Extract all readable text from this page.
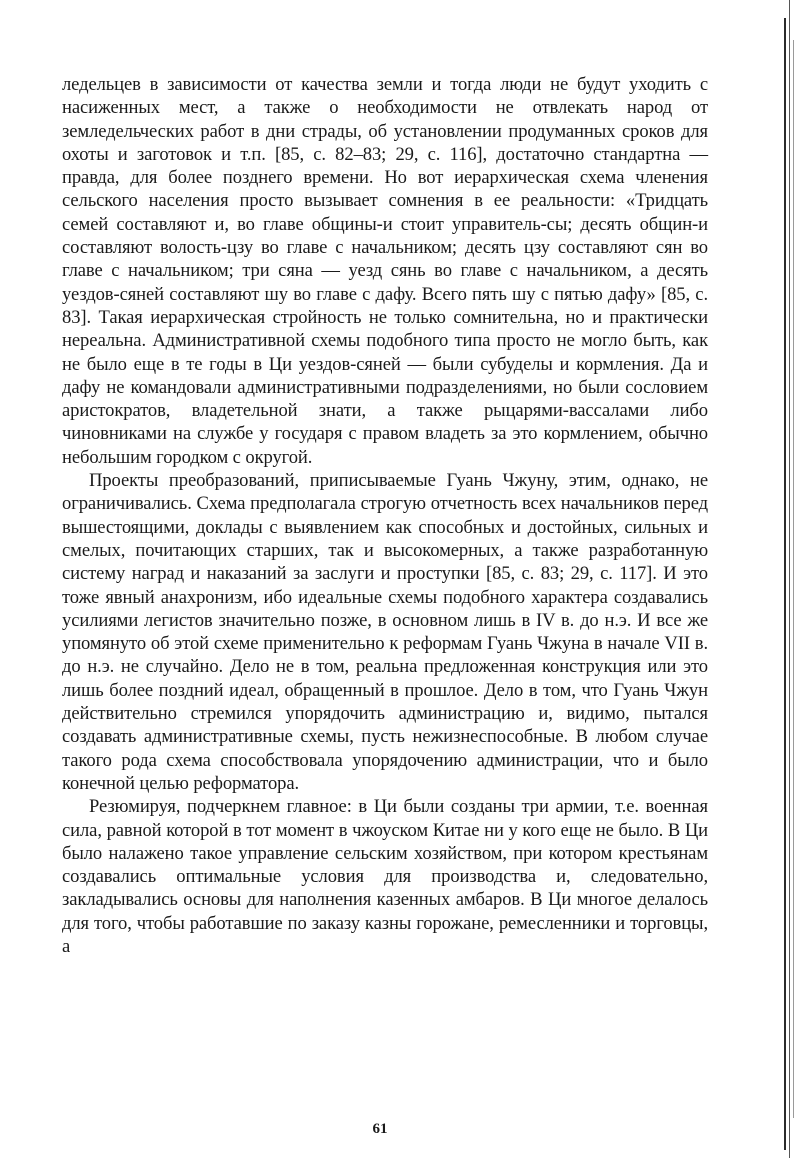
ледельцев в зависимости от качества земли и тогда люди не будут уходить с насиженных мест, а также о необходимости не отвлекать народ от земледельческих работ в дни страды, об установлении продуманных сроков для охоты и заготовок и т.п. [85, с. 82–83; 29, с. 116], достаточно стандартна — правда, для более позднего времени. Но вот иерархическая схема членения сельского населения просто вызывает сомнения в ее реальности: «Тридцать семей составляют и, во главе общины-и стоит управитель-сы; десять общин-и составляют волость-цзу во главе с начальником; десять цзу составляют сян во главе с начальником; три сяна — уезд сянь во главе с начальником, а десять уездов-сяней составляют шу во главе с дафу. Всего пять шу с пятью дафу» [85, с. 83]. Такая иерархическая стройность не только сомнительна, но и практически нереальна. Административной схемы подобного типа просто не могло быть, как не было еще в те годы в Ци уездов-сяней — были субуделы и кормления. Да и дафу не командовали административными подразделениями, но были сословием аристократов, владетельной знати, а также рыцарями-вассалами либо чиновниками на службе у государя с правом владеть за это кормлением, обычно небольшим городком с округой.

Проекты преобразований, приписываемые Гуань Чжуну, этим, однако, не ограничивались. Схема предполагала строгую отчетность всех начальников перед вышестоящими, доклады с выявлением как способных и достойных, сильных и смелых, почитающих старших, так и высокомерных, а также разработанную систему наград и наказаний за заслуги и проступки [85, с. 83; 29, с. 117]. И это тоже явный анахронизм, ибо идеальные схемы подобного характера создавались усилиями легистов значительно позже, в основном лишь в IV в. до н.э. И все же упомянуто об этой схеме применительно к реформам Гуань Чжуна в начале VII в. до н.э. не случайно. Дело не в том, реальна предложенная конструкция или это лишь более поздний идеал, обращенный в прошлое. Дело в том, что Гуань Чжун действительно стремился упорядочить администрацию и, видимо, пытался создавать административные схемы, пусть нежизнеспособные. В любом случае такого рода схема способствовала упорядочению администрации, что и было конечной целью реформатора.

Резюмируя, подчеркнем главное: в Ци были созданы три армии, т.е. военная сила, равной которой в тот момент в чжоуском Китае ни у кого еще не было. В Ци было налажено такое управление сельским хозяйством, при котором крестьянам создавались оптимальные условия для производства и, следовательно, закладывались основы для наполнения казенных амбаров. В Ци многое делалось для того, чтобы работавшие по заказу казны горожане, ремесленники и торговцы, а

61
